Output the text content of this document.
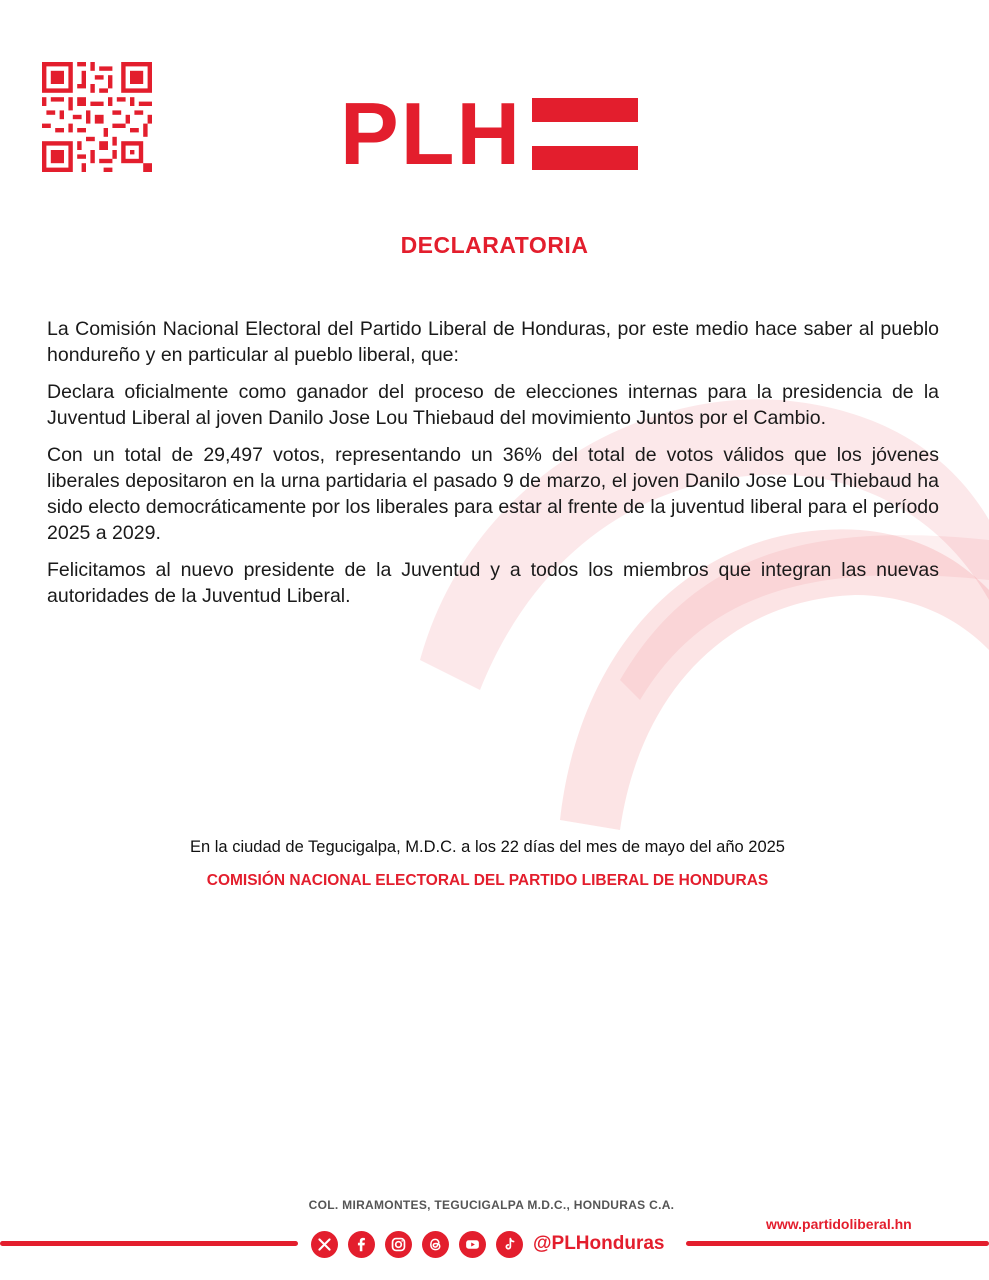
PLH
DECLARATORIA

La Comisión Nacional Electoral del Partido Liberal de Honduras, por este medio hace saber al pueblo hondureño y en particular al pueblo liberal, que:

Declara oficialmente como ganador del proceso de elecciones internas para la presidencia de la Juventud Liberal al joven Danilo Jose Lou Thiebaud del movimiento Juntos por el Cambio.

Con un total de 29,497 votos, representando un 36% del total de votos válidos que los jóvenes liberales depositaron en la urna partidaria el pasado 9 de marzo, el joven Danilo Jose Lou Thiebaud ha sido electo democráticamente por los liberales para estar al frente de la juventud liberal para el período 2025 a 2029.

Felicitamos al nuevo presidente de la Juventud y a todos los miembros que integran las nuevas autoridades de la Juventud Liberal.

En la ciudad de Tegucigalpa, M.D.C. a los 22 días del mes de mayo del año 2025
COMISIÓN NACIONAL ELECTORAL DEL PARTIDO LIBERAL DE HONDURAS
COL. MIRAMONTES, TEGUCIGALPA M.D.C., HONDURAS C.A.
www.partidoliberal.hn
@PLHonduras
